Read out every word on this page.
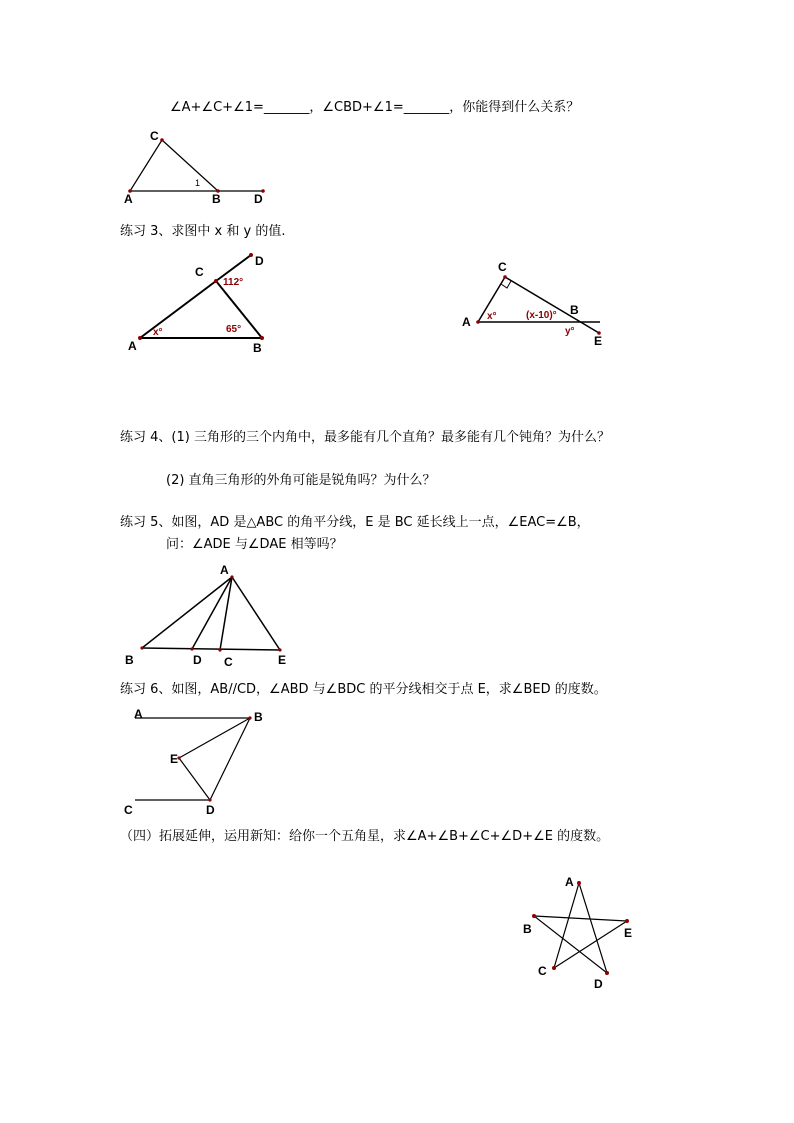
∠A+∠C+∠1=_______，∠CBD+∠1=_______，你能得到什么关系？
C
A	B	D
1
练习 3、求图中 x 和 y 的值.
C
D
A	B
x°
112°
65°
C
A
B
E
x°	(x-10)°
y°
练习 4、(1) 三角形的三个内角中，最多能有几个直角？最多能有几个钝角？为什么？
(2) 直角三角形的外角可能是锐角吗？为什么？
练习 5、如图，AD 是△ABC 的角平分线，E 是 BC 延长线上一点，∠EAC=∠B，
问：∠ADE 与∠DAE 相等吗？
A
B	D C	E
练习 6、如图，AB//CD，∠ABD 与∠BDC 的平分线相交于点 E，求∠BED 的度数。
A	B
E
C	D
（四）拓展延伸，运用新知：给你一个五角星，求∠A+∠B+∠C+∠D+∠E 的度数。
A
B	E
C
D
